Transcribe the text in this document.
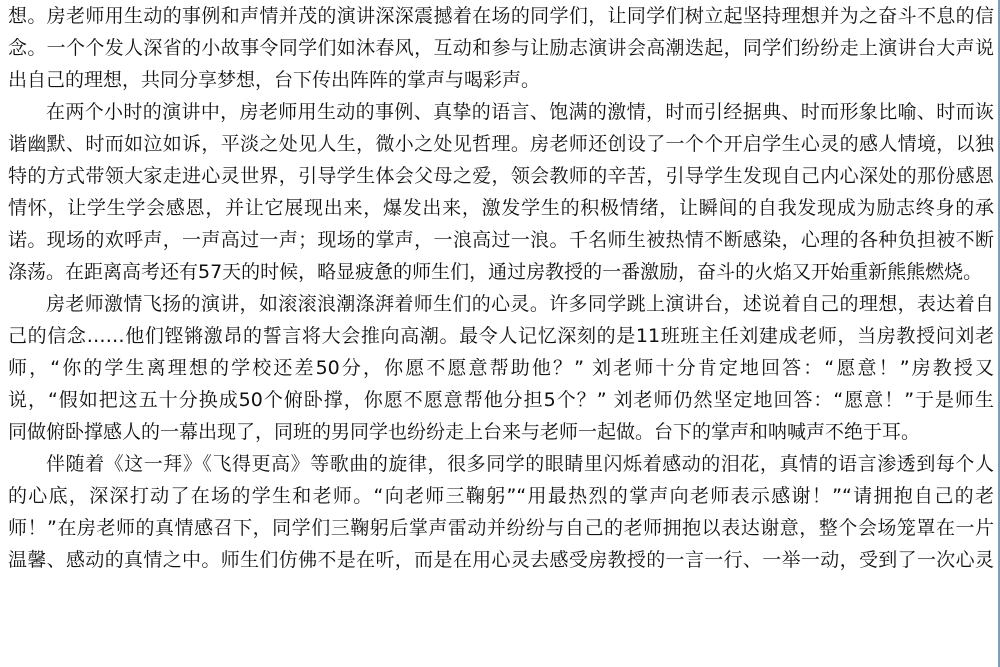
想。房老师用生动的事例和声情并茂的演讲深深震撼着在场的同学们，让同学们树立起坚持理想并为之奋斗不息的信
念。一个个发人深省的小故事令同学们如沐春风，互动和参与让励志演讲会高潮迭起，同学们纷纷走上演讲台大声说
出自己的理想，共同分享梦想，台下传出阵阵的掌声与喝彩声。
在两个小时的演讲中，房老师用生动的事例、真挚的语言、饱满的激情，时而引经据典、时而形象比喻、时而诙
谐幽默、时而如泣如诉，平淡之处见人生，微小之处见哲理。房老师还创设了一个个开启学生心灵的感人情境，以独
特的方式带领大家走进心灵世界，引导学生体会父母之爱，领会教师的辛苦，引导学生发现自己内心深处的那份感恩
情怀，让学生学会感恩，并让它展现出来，爆发出来，激发学生的积极情绪，让瞬间的自我发现成为励志终身的承
诺。现场的欢呼声，一声高过一声；现场的掌声，一浪高过一浪。千名师生被热情不断感染，心理的各种负担被不断
涤荡。在距离高考还有57天的时候，略显疲惫的师生们，通过房教授的一番激励，奋斗的火焰又开始重新熊熊燃烧。
房老师激情飞扬的演讲，如滚滚浪潮涤湃着师生们的心灵。许多同学跳上演讲台，述说着自己的理想，表达着自
己的信念……他们铿锵激昂的誓言将大会推向高潮。最令人记忆深刻的是11班班主任刘建成老师，当房教授问刘老
师，“你的学生离理想的学校还差50分，你愿不愿意帮助他？” 刘老师十分肯定地回答：“愿意！”房教授又
说，“假如把这五十分换成50个俯卧撑，你愿不愿意帮他分担5个？” 刘老师仍然坚定地回答：“愿意！”于是师生
同做俯卧撑感人的一幕出现了，同班的男同学也纷纷走上台来与老师一起做。台下的掌声和呐喊声不绝于耳。
伴随着《这一拜》《飞得更高》等歌曲的旋律，很多同学的眼睛里闪烁着感动的泪花，真情的语言渗透到每个人
的心底，深深打动了在场的学生和老师。“向老师三鞠躬”“用最热烈的掌声向老师表示感谢！”“请拥抱自己的老
师！”在房老师的真情感召下，同学们三鞠躬后掌声雷动并纷纷与自己的老师拥抱以表达谢意，整个会场笼罩在一片
温馨、感动的真情之中。师生们仿佛不是在听，而是在用心灵去感受房教授的一言一行、一举一动，受到了一次心灵
